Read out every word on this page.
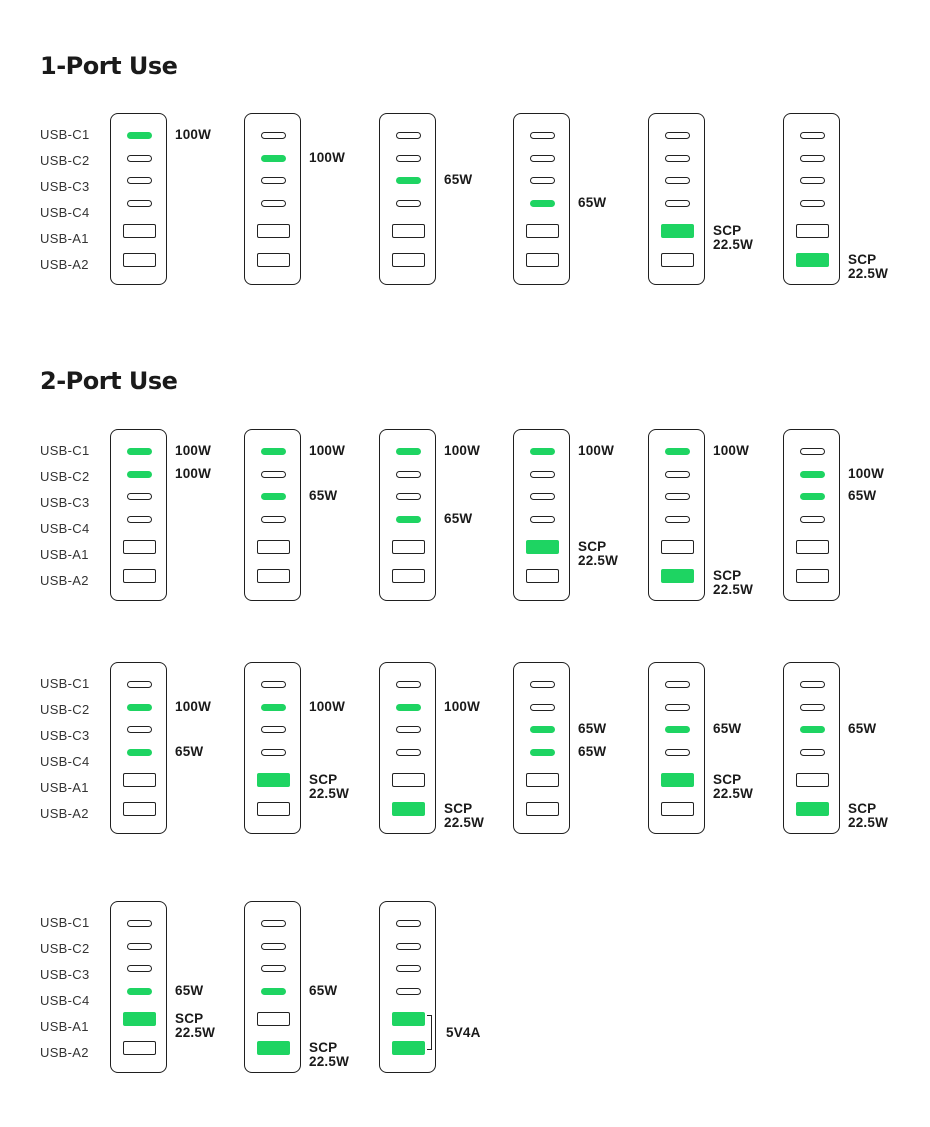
1-Port Use
2-Port Use
USB-C1
USB-C2
USB-C3
USB-C4
USB-A1
USB-A2
100W
100W
65W
65W
SCP
22.5W
SCP
22.5W
USB-C1
USB-C2
USB-C3
USB-C4
USB-A1
USB-A2
100W
100W
100W
65W
100W
65W
100W
SCP
22.5W
100W
SCP
22.5W
100W
65W
USB-C1
USB-C2
USB-C3
USB-C4
USB-A1
USB-A2
100W
65W
100W
SCP
22.5W
100W
SCP
22.5W
65W
65W
65W
SCP
22.5W
65W
SCP
22.5W
USB-C1
USB-C2
USB-C3
USB-C4
USB-A1
USB-A2
65W
SCP
22.5W
65W
SCP
22.5W
5V4A
